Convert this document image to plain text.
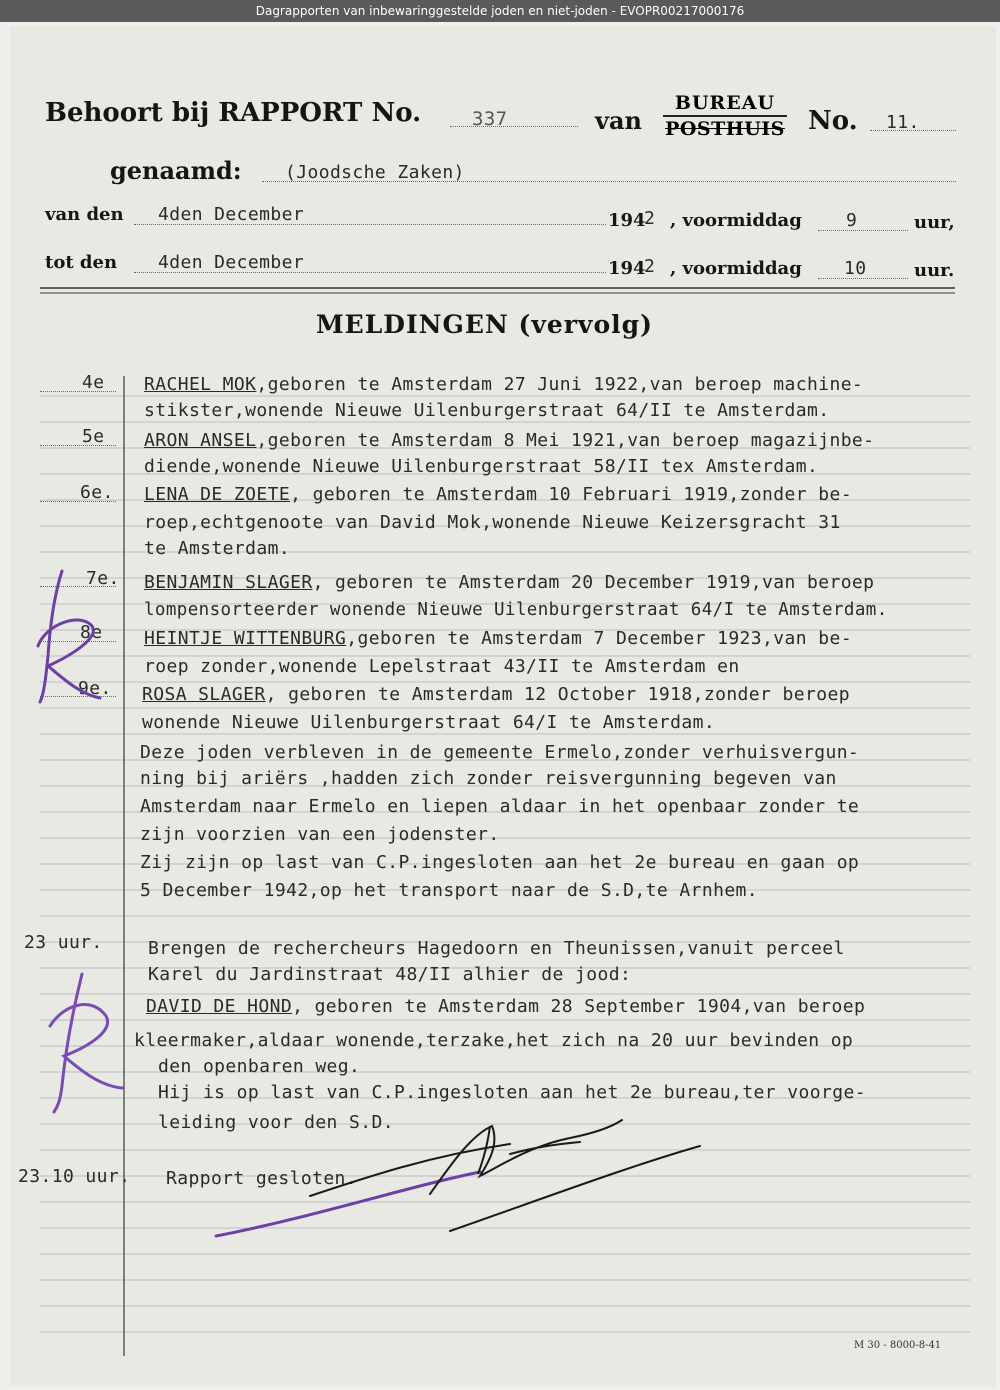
Dagrapporten van inbewaringgestelde joden en niet-joden - EVOPR00217000176
Behoort bij RAPPORT No.	337	van
BUREAU
POSTHUIS No. 11.
genaamd: (Joodsche Zaken)
van den 4den December	194
2 , voormiddag 9	uur,
tot den 4den December	194
2 , voormiddag 10	uur.
MELDINGEN (vervolg)
4e RACHEL MOK,geboren te Amsterdam 27 Juni 1922,van beroep machine-
stikster,wonende Nieuwe Uilenburgerstraat 64/II te Amsterdam.
5e ARON ANSEL,geboren te Amsterdam 8 Mei 1921,van beroep magazijnbe-
diende,wonende Nieuwe Uilenburgerstraat 58/II tex Amsterdam.
6e. LENA DE ZOETE, geboren te Amsterdam 10 Februari 1919,zonder be-
roep,echtgenoote van David Mok,wonende Nieuwe Keizersgracht 31
te Amsterdam.
7e. BENJAMIN SLAGER, geboren te Amsterdam 20 December 1919,van beroep
lompensorteerder wonende Nieuwe Uilenburgerstraat 64/I te Amsterdam.
8e HEINTJE WITTENBURG,geboren te Amsterdam 7 December 1923,van be-
roep zonder,wonende Lepelstraat 43/II te Amsterdam en
9e. ROSA SLAGER, geboren te Amsterdam 12 October 1918,zonder beroep
wonende Nieuwe Uilenburgerstraat 64/I te Amsterdam.
Deze joden verbleven in de gemeente Ermelo,zonder verhuisvergun-
ning bij ariërs ,hadden zich zonder reisvergunning begeven van
Amsterdam naar Ermelo en liepen aldaar in het openbaar zonder te
zijn voorzien van een jodenster.
Zij zijn op last van C.P.ingesloten aan het 2e bureau en gaan op
5 December 1942,op het transport naar de S.D,te Arnhem.
23 uur.	Brengen de rechercheurs Hagedoorn en Theunissen,vanuit perceel
Karel du Jardinstraat 48/II alhier de jood:
DAVID DE HOND, geboren te Amsterdam 28 September 1904,van beroep
kleermaker,aldaar wonende,terzake,het zich na 20 uur bevinden op
den openbaren weg.
Hij is op last van C.P.ingesloten aan het 2e bureau,ter voorge-
leiding voor den S.D.
23.10 uur. Rapport gesloten.
M 30 - 8000-8-41
